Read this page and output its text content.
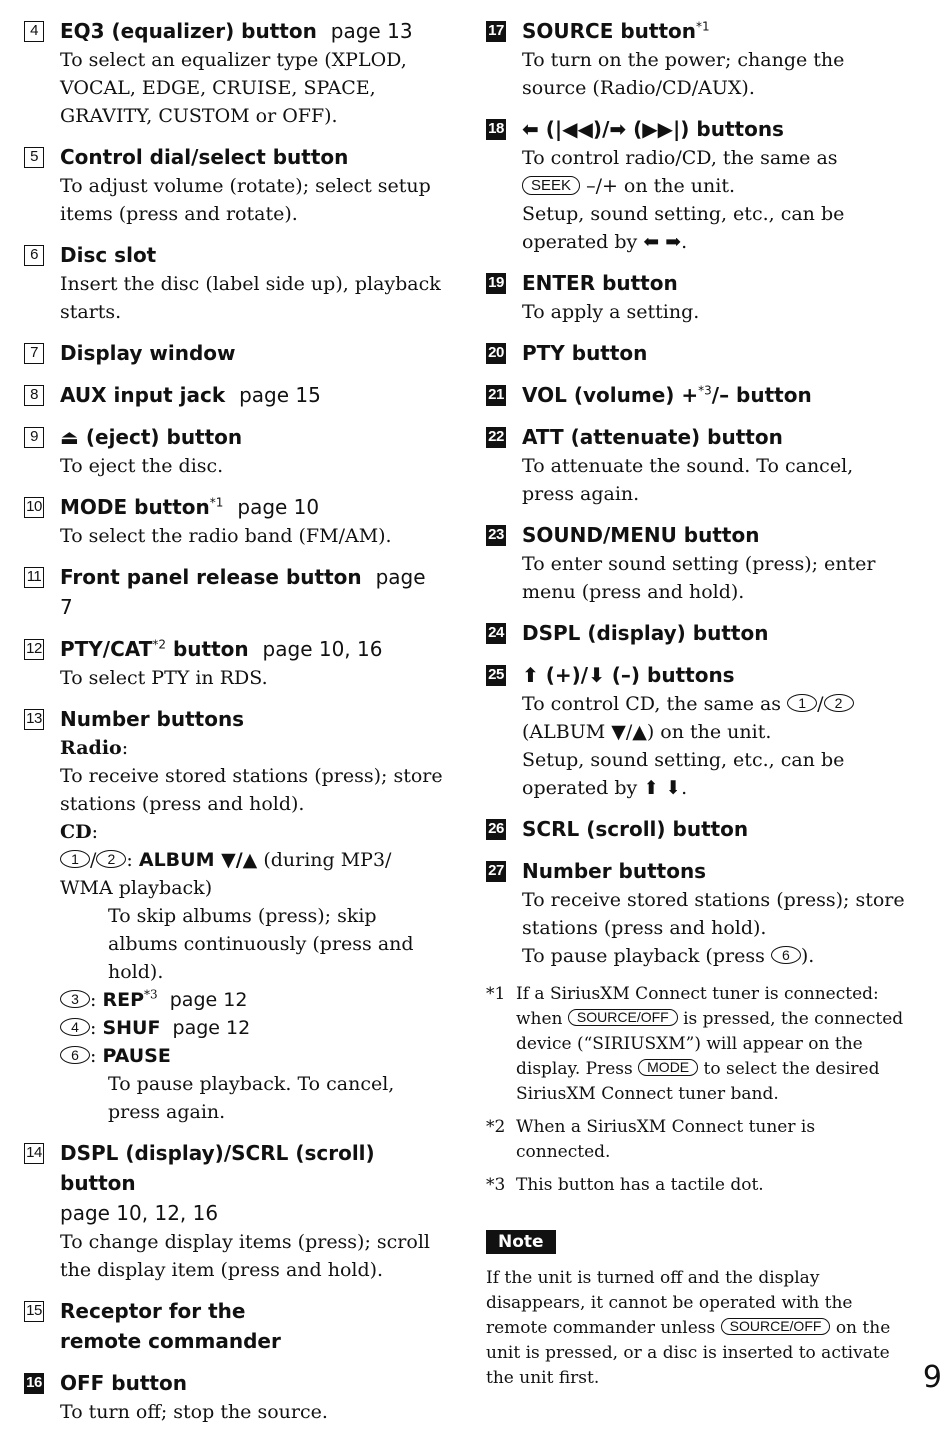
4	EQ3 (equalizer) button page 13

To select an equalizer type (XPLOD, VOCAL, EDGE, CRUISE, SPACE, GRAVITY, CUSTOM or OFF).

5	Control dial/select button

To adjust volume (rotate); select setup items (press and rotate).

6	Disc slot

Insert the disc (label side up), playback starts.

7	Display window
8	AUX input jack page 15
9	⏏ (eject) button

To eject the disc.

10 MODE button$^{*1}$ page 10

To select the radio band (FM/AM).

11 Front panel release button page 7
12 PTY/CAT$^{*2}$ button page 10, 16

To select PTY in RDS.

13 Number buttons

Radio:
To receive stored stations (press); store stations (press and hold).

CD:

1 / 2 : ALBUM ▼/▲ (during MP3/ WMA playback)

To skip albums (press); skip albums continuously (press and hold).

3 : REP$^{*3}$ page 12

4 : SHUF page 12

6 : PAUSE

To pause playback. To cancel, press again.

14 DSPL (display)/SCRL (scroll) button
page 10, 12, 16

To change display items (press); scroll the display item (press and hold).

15 Receptor for the remote commander
16 OFF button

To turn off; stop the source.

17 SOURCE button$^{*1}$

To turn on the power; change the source (Radio/CD/AUX).

18 ⬅ (|◀◀)/➡ (▶▶|) buttons

To control radio/CD, the same as
SEEK –/+ on the unit.
Setup, sound setting, etc., can be operated by ⬅ ➡.

19 ENTER button

To apply a setting.

20 PTY button
21 VOL (volume) +$^{*3}$/– button
22 ATT (attenuate) button

To attenuate the sound. To cancel, press again.

23 SOUND/MENU button

To enter sound setting (press); enter menu (press and hold).

24 DSPL (display) button
25 ⬆ (+)/⬇ (–) buttons

To control CD, the same as 1 / 2
(ALBUM ▼/▲) on the unit.
Setup, sound setting, etc., can be operated by ⬆ ⬇.

26 SCRL (scroll) button
27 Number buttons

To receive stored stations (press); store stations (press and hold).

To pause playback (press 6 ).

*1 If a SiriusXM Connect tuner is connected: when SOURCE/OFF is pressed, the connected device (“SIRIUSXM”) will appear on the display. Press MODE to select the desired SiriusXM Connect tuner band.
*2 When a SiriusXM Connect tuner is connected.
*3 This button has a tactile dot.
Note
If the unit is turned off and the display disappears, it cannot be operated with the remote commander unless SOURCE/OFF on the unit is pressed, or a disc is inserted to activate the unit first.	9
